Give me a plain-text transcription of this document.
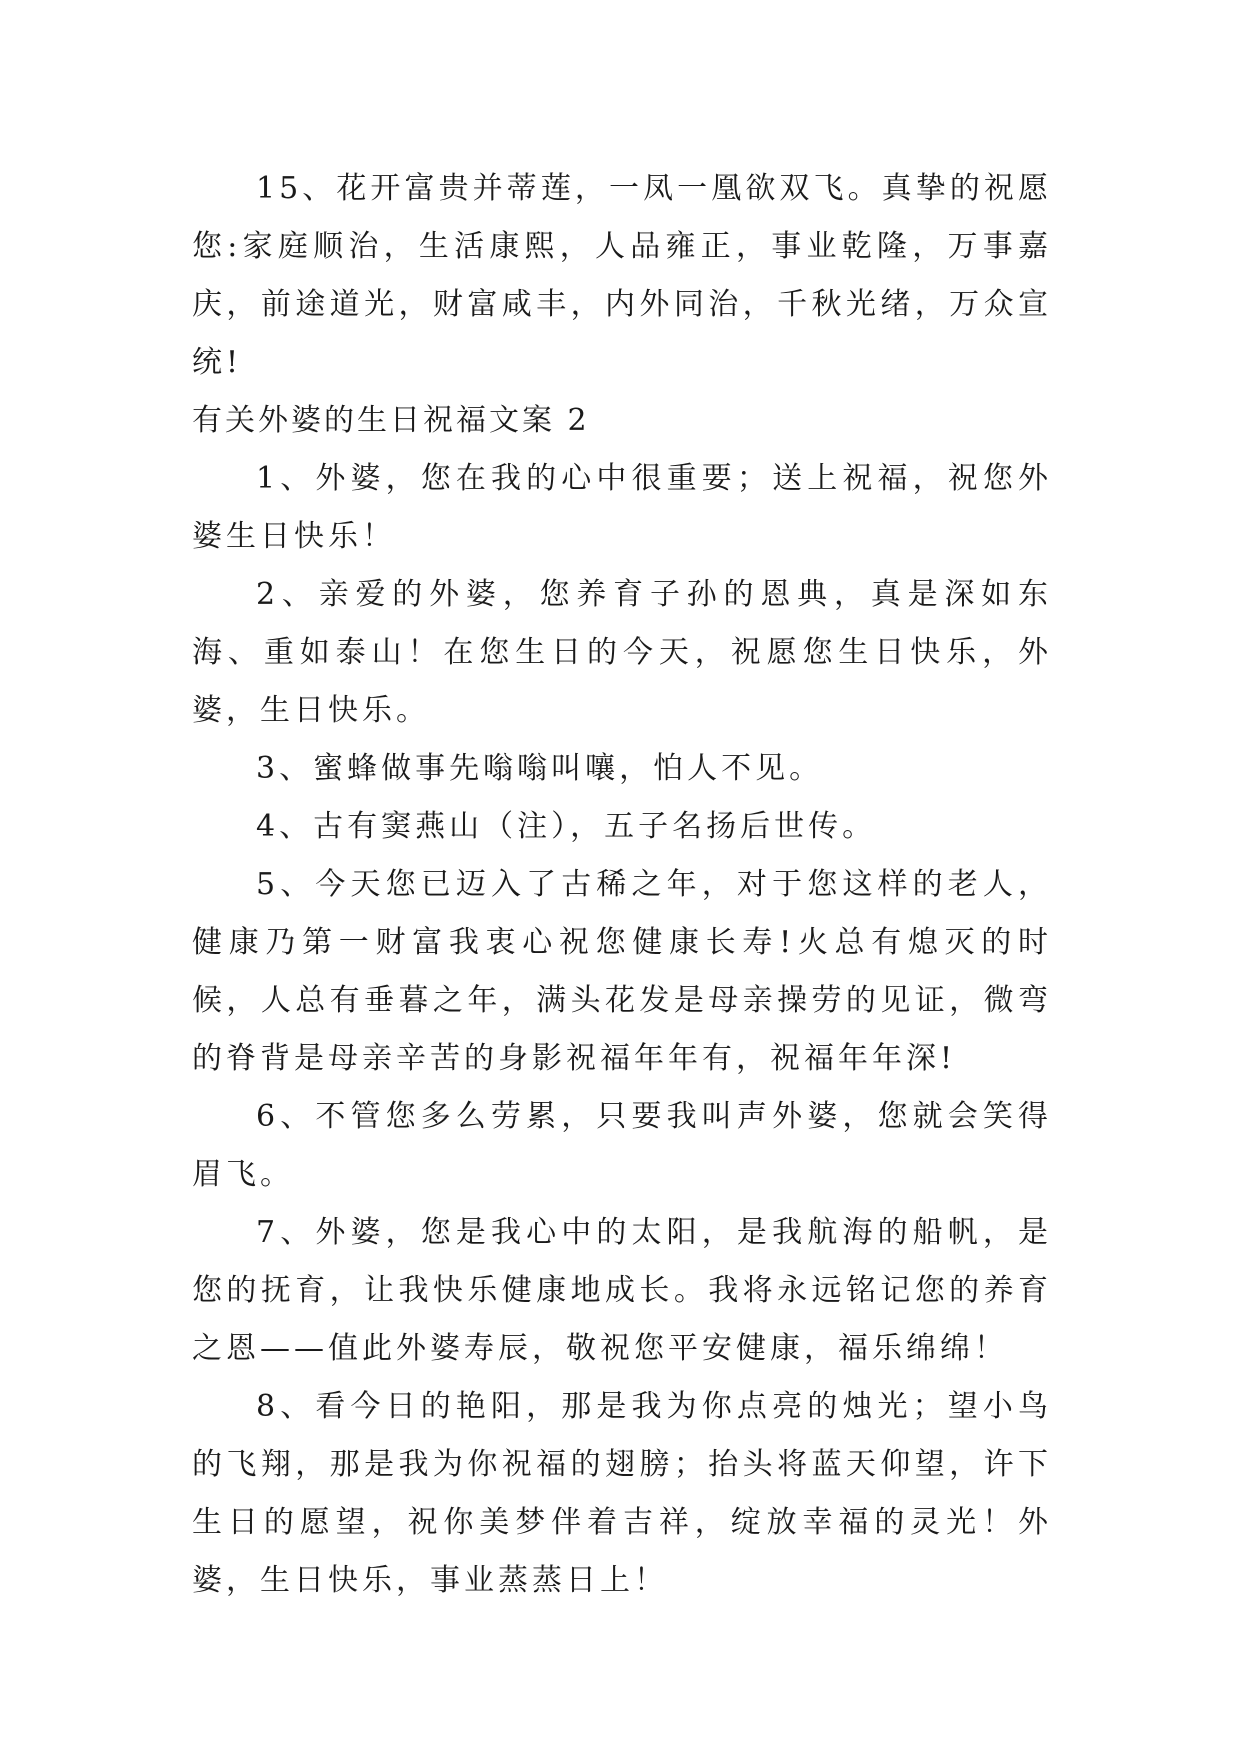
15、花开富贵并蒂莲，一凤一凰欲双飞。真挚的祝愿您:家庭顺治，生活康熙，人品雍正，事业乾隆，万事嘉庆，前途道光，财富咸丰，内外同治，千秋光绪，万众宣统!

有关外婆的生日祝福文案 2

1、外婆，您在我的心中很重要；送上祝福，祝您外婆生日快乐！

2、亲爱的外婆，您养育子孙的恩典，真是深如东海、重如泰山！在您生日的今天，祝愿您生日快乐，外婆，生日快乐。

3、蜜蜂做事先嗡嗡叫嚷，怕人不见。

4、古有窦燕山（注），五子名扬后世传。

5、今天您已迈入了古稀之年，对于您这样的老人，健康乃第一财富我衷心祝您健康长寿!火总有熄灭的时候，人总有垂暮之年，满头花发是母亲操劳的见证，微弯的脊背是母亲辛苦的身影祝福年年有，祝福年年深!

6、不管您多么劳累，只要我叫声外婆，您就会笑得眉飞。

7、外婆，您是我心中的太阳，是我航海的船帆，是您的抚育，让我快乐健康地成长。我将永远铭记您的养育之恩——值此外婆寿辰，敬祝您平安健康，福乐绵绵！

8、看今日的艳阳，那是我为你点亮的烛光；望小鸟的飞翔，那是我为你祝福的翅膀；抬头将蓝天仰望，许下生日的愿望，祝你美梦伴着吉祥，绽放幸福的灵光！外婆，生日快乐，事业蒸蒸日上！
